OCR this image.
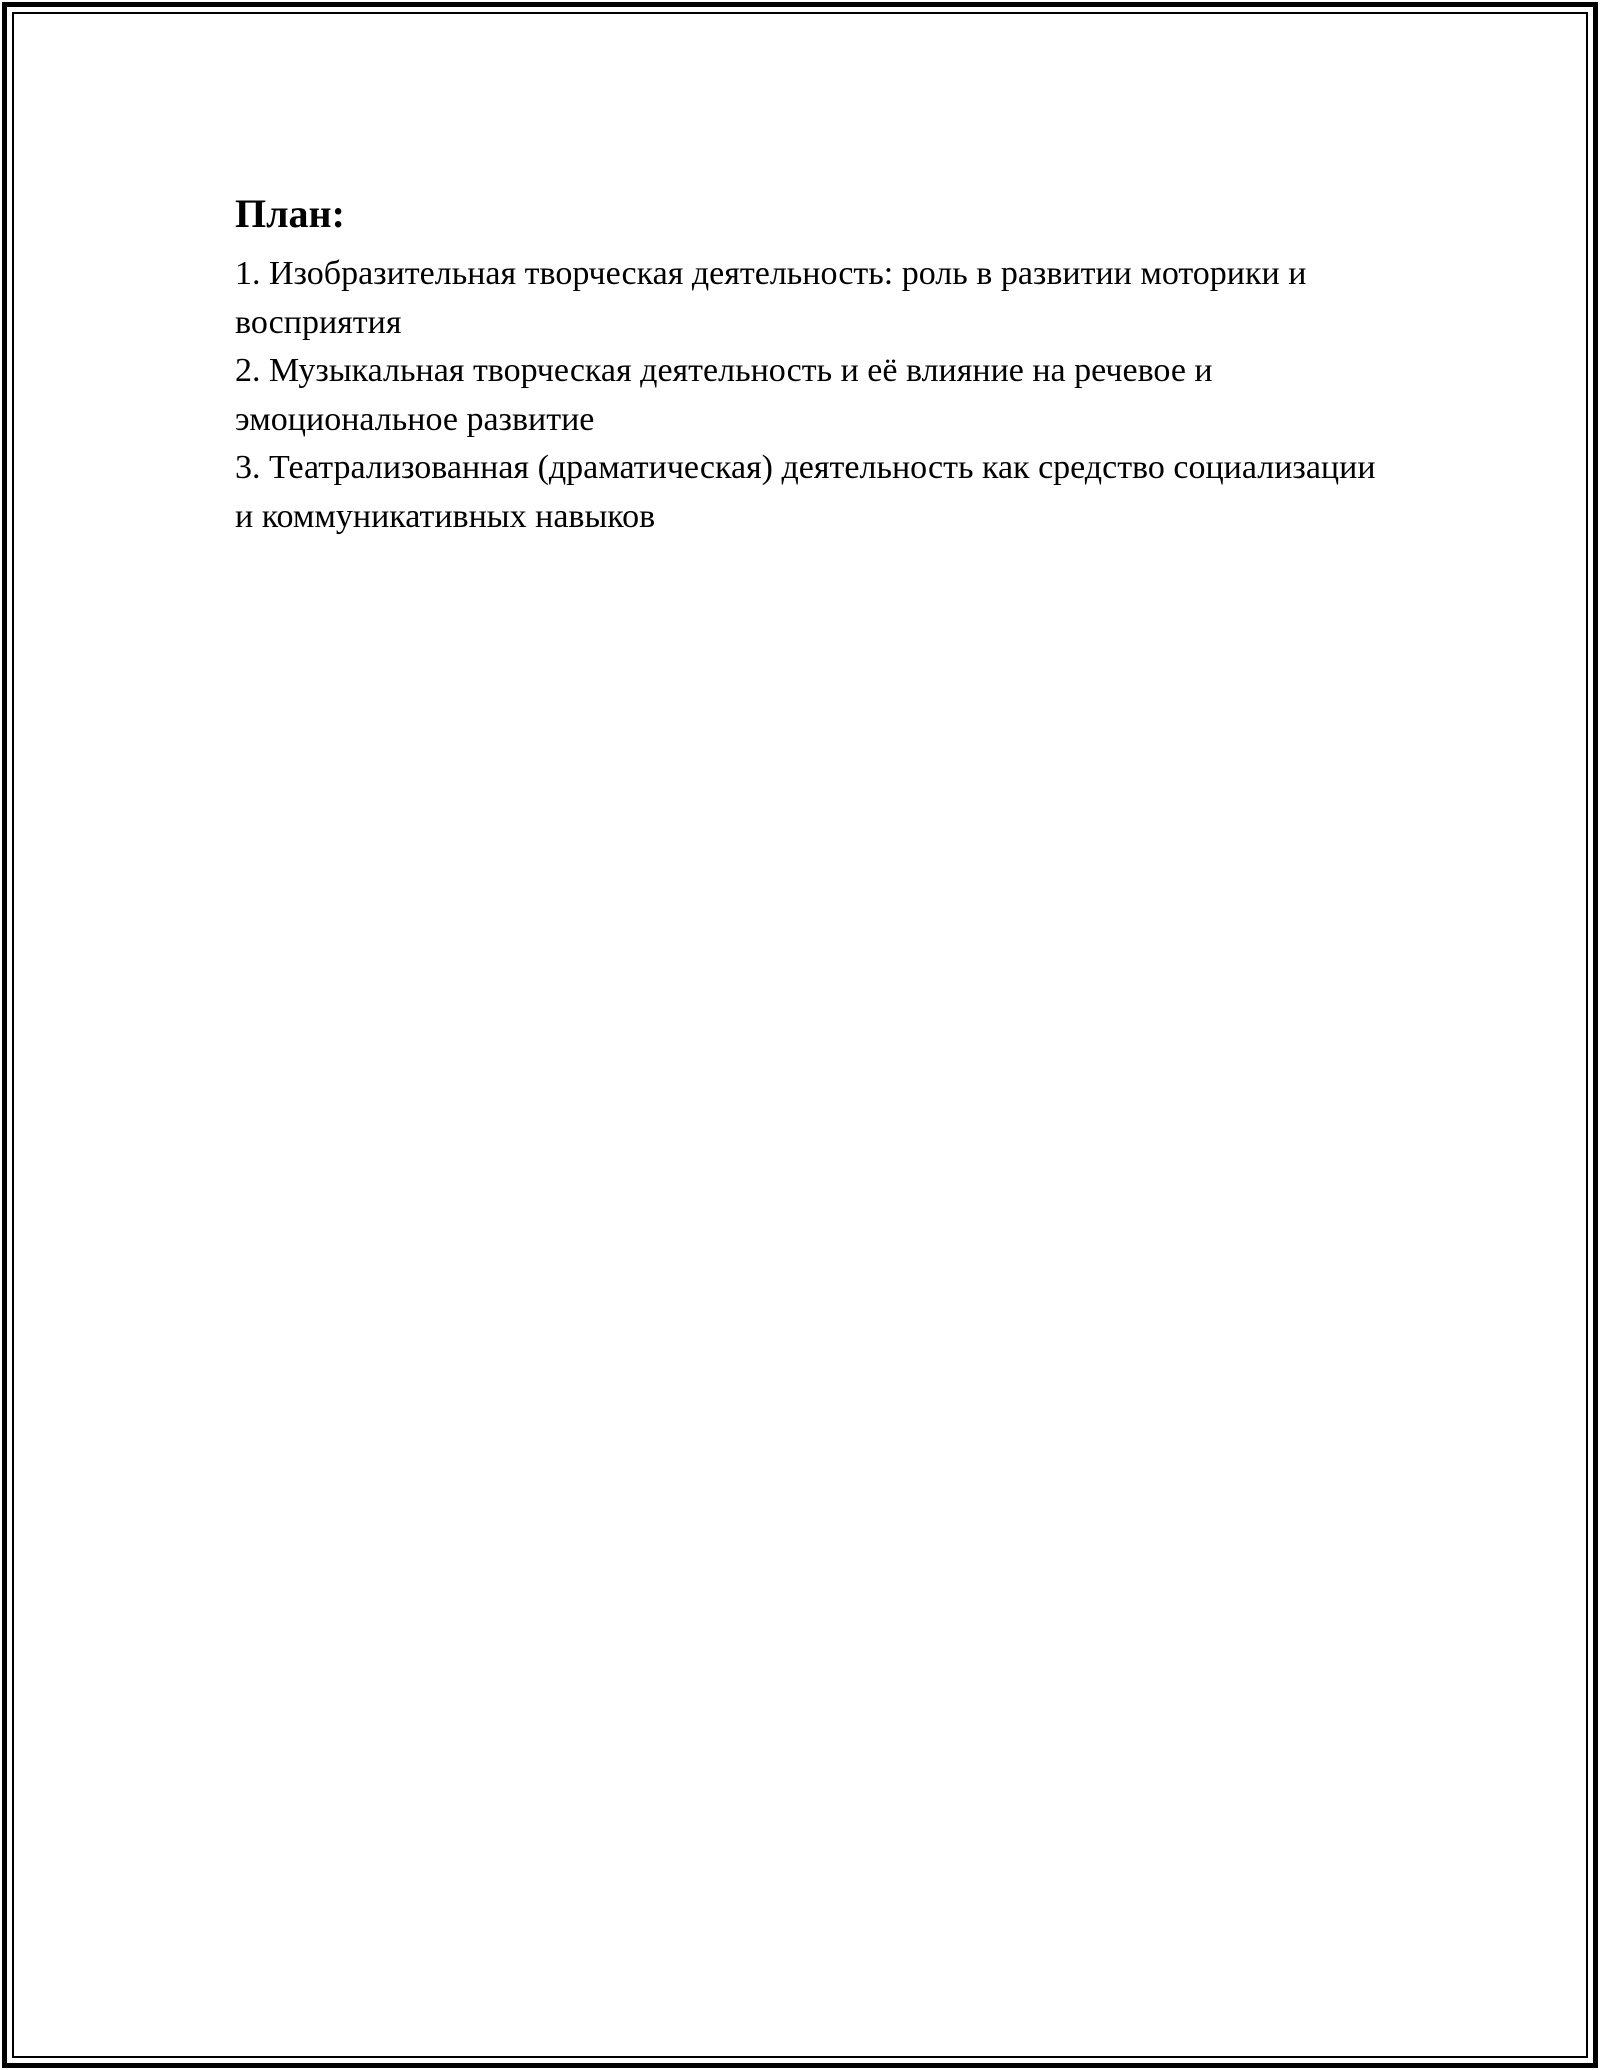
План:
1. Изобразительная творческая деятельность: роль в развитии моторики и восприятия
2. Музыкальная творческая деятельность и её влияние на речевое и эмоциональное развитие
3. Театрализованная (драматическая) деятельность как средство социализации и коммуникативных навыков
